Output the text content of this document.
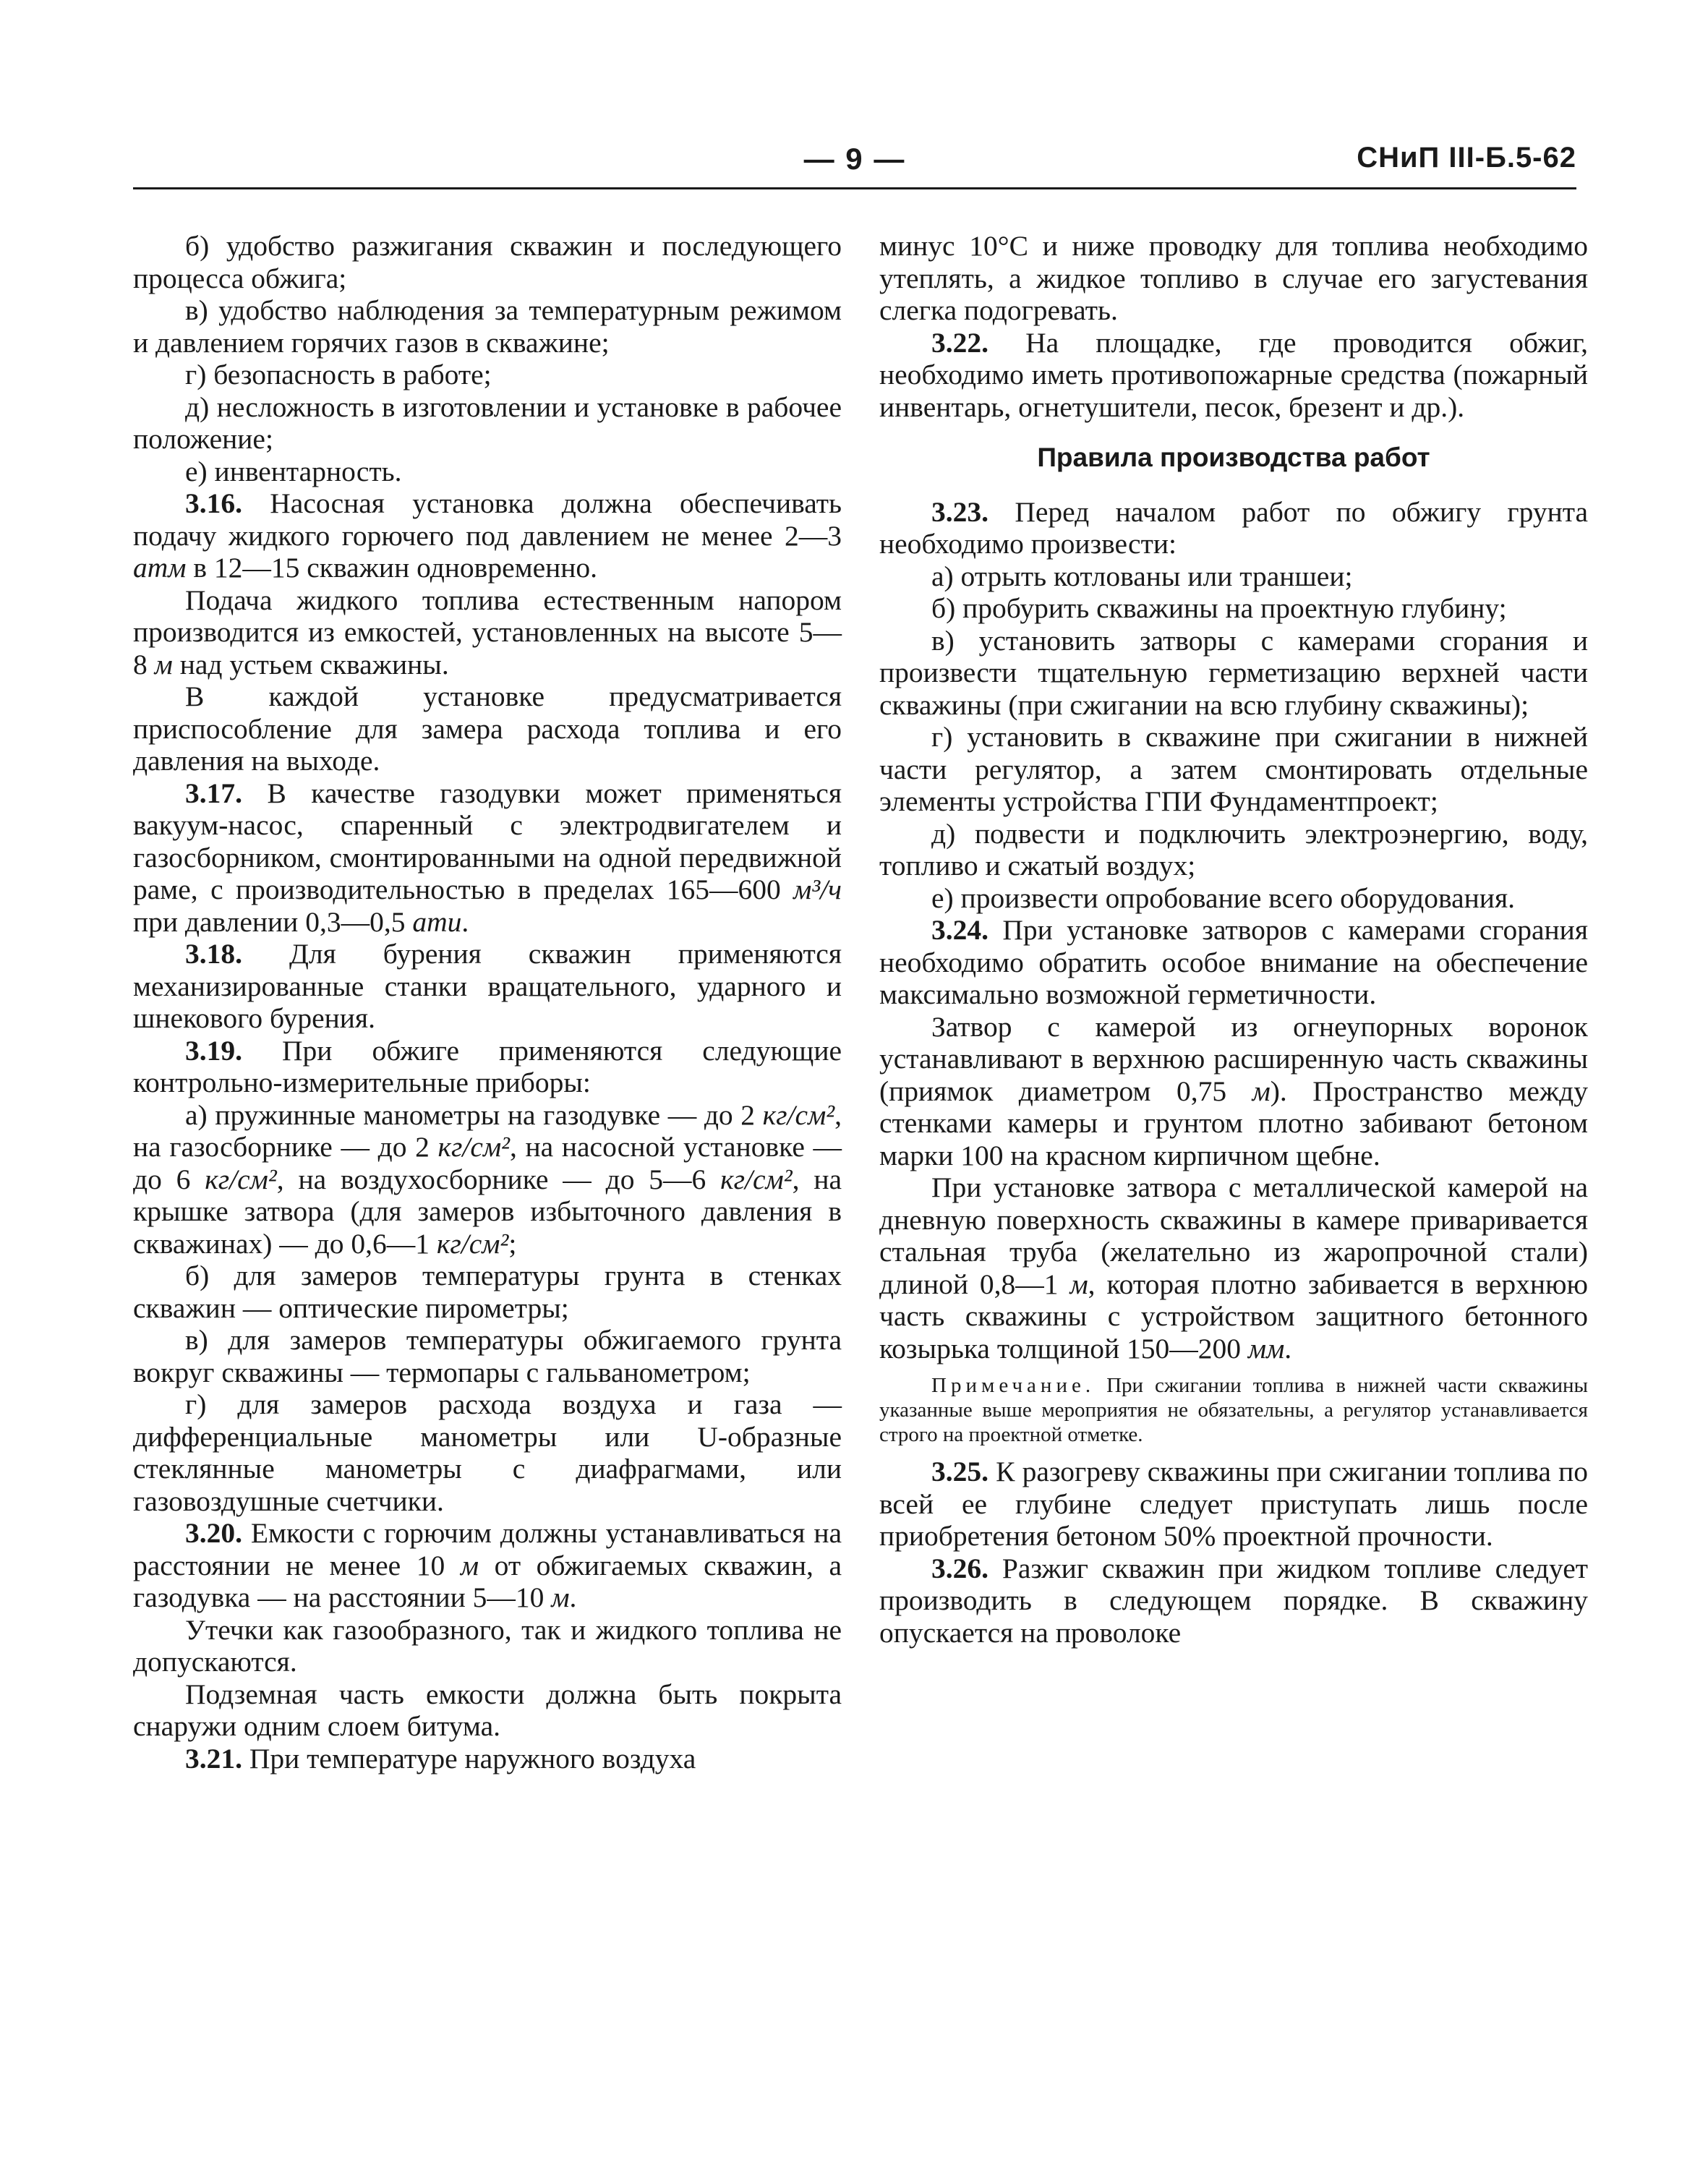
— 9 —	СНиП III-Б.5-62

б) удобство разжигания скважин и последующего процесса обжига;

в) удобство наблюдения за температурным режимом и давлением горячих газов в скважине;

г) безопасность в работе;

д) несложность в изготовлении и установке в рабочее положение;

е) инвентарность.

3.16. Насосная установка должна обеспечивать подачу жидкого горючего под давлением не менее 2—3 атм в 12—15 скважин одновременно.

Подача жидкого топлива естественным напором производится из емкостей, установленных на высоте 5—8 м над устьем скважины.

В каждой установке предусматривается приспособление для замера расхода топлива и его давления на выходе.

3.17. В качестве газодувки может применяться вакуум-насос, спаренный с электродвигателем и газосборником, смонтированными на одной передвижной раме, с производительностью в пределах 165—600 м³/ч при давлении 0,3—0,5 ати.

3.18. Для бурения скважин применяются механизированные станки вращательного, ударного и шнекового бурения.

3.19. При обжиге применяются следующие контрольно-измерительные приборы:

а) пружинные манометры на газодувке — до 2 кг/см², на газосборнике — до 2 кг/см², на насосной установке — до 6 кг/см², на воздухосборнике — до 5—6 кг/см², на крышке затвора (для замеров избыточного давления в скважинах) — до 0,6—1 кг/см²;

б) для замеров температуры грунта в стенках скважин — оптические пирометры;

в) для замеров температуры обжигаемого грунта вокруг скважины — термопары с гальванометром;

г) для замеров расхода воздуха и газа — дифференциальные манометры или U-образные стеклянные манометры с диафрагмами, или газовоздушные счетчики.

3.20. Емкости с горючим должны устанавливаться на расстоянии не менее 10 м от обжигаемых скважин, а газодувка — на расстоянии 5—10 м.

Утечки как газообразного, так и жидкого топлива не допускаются.

Подземная часть емкости должна быть покрыта снаружи одним слоем битума.

3.21. При температуре наружного воздуха

минус 10°С и ниже проводку для топлива необходимо утеплять, а жидкое топливо в случае его загустевания слегка подогревать.

3.22. На площадке, где проводится обжиг, необходимо иметь противопожарные средства (пожарный инвентарь, огнетушители, песок, брезент и др.).

Правила производства работ

3.23. Перед началом работ по обжигу грунта необходимо произвести:

а) отрыть котлованы или траншеи;

б) пробурить скважины на проектную глубину;

в) установить затворы с камерами сгорания и произвести тщательную герметизацию верхней части скважины (при сжигании на всю глубину скважины);

г) установить в скважине при сжигании в нижней части регулятор, а затем смонтировать отдельные элементы устройства ГПИ Фундаментпроект;

д) подвести и подключить электроэнергию, воду, топливо и сжатый воздух;

е) произвести опробование всего оборудования.

3.24. При установке затворов с камерами сгорания необходимо обратить особое внимание на обеспечение максимально возможной герметичности.

Затвор с камерой из огнеупорных воронок устанавливают в верхнюю расширенную часть скважины (приямок диаметром 0,75 м). Пространство между стенками камеры и грунтом плотно забивают бетоном марки 100 на красном кирпичном щебне.

При установке затвора с металлической камерой на дневную поверхность скважины в камере приваривается стальная труба (желательно из жаропрочной стали) длиной 0,8—1 м, которая плотно забивается в верхнюю часть скважины с устройством защитного бетонного козырька толщиной 150—200 мм.

Примечание. При сжигании топлива в нижней части скважины указанные выше мероприятия не обязательны, а регулятор устанавливается строго на проектной отметке.

3.25. К разогреву скважины при сжигании топлива по всей ее глубине следует приступать лишь после приобретения бетоном 50% проектной прочности.

3.26. Разжиг скважин при жидком топливе следует производить в следующем порядке. В скважину опускается на проволоке
